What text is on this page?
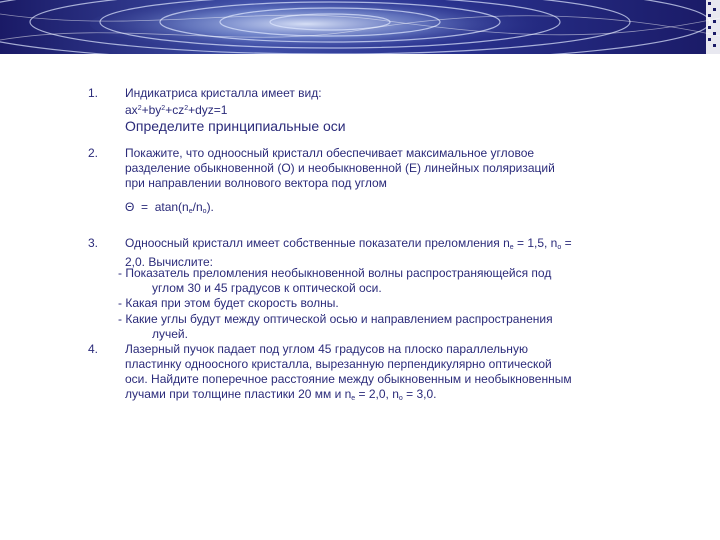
1. Индикатриса кристалла имеет вид:
$ax^2+by^2+cz^2+dyz=1$
Определите принципиальные оси
2. Покажите, что одноосный кристалл обеспечивает максимальное угловое
разделение обыкновенной (О) и необыкновенной (Е) линейных поляризаций
при направлении волнового вектора под углом
$\Theta = atan(n_e/n_o)$.
3. Одноосный кристалл имеет собственные показатели преломления $n_e = 1,5$, $n_o$ =
2,0. Вычислите:
- Показатель преломления необыкновенной волны распространяющейся под
углом 30 и 45 градусов к оптической оси.
- Какая при этом будет скорость волны.
- Какие углы будут между оптической осью и направлением распространения
лучей.
4. Лазерный пучок падает под углом 45 градусов на плоско параллельную
пластинку одноосного кристалла, вырезанную перпендикулярно оптической
оси. Найдите поперечное расстояние между обыкновенным и необыкновенным
лучами при толщине пластики 20 мм и $n_e = 2,0$, $n_o = 3,0$.
